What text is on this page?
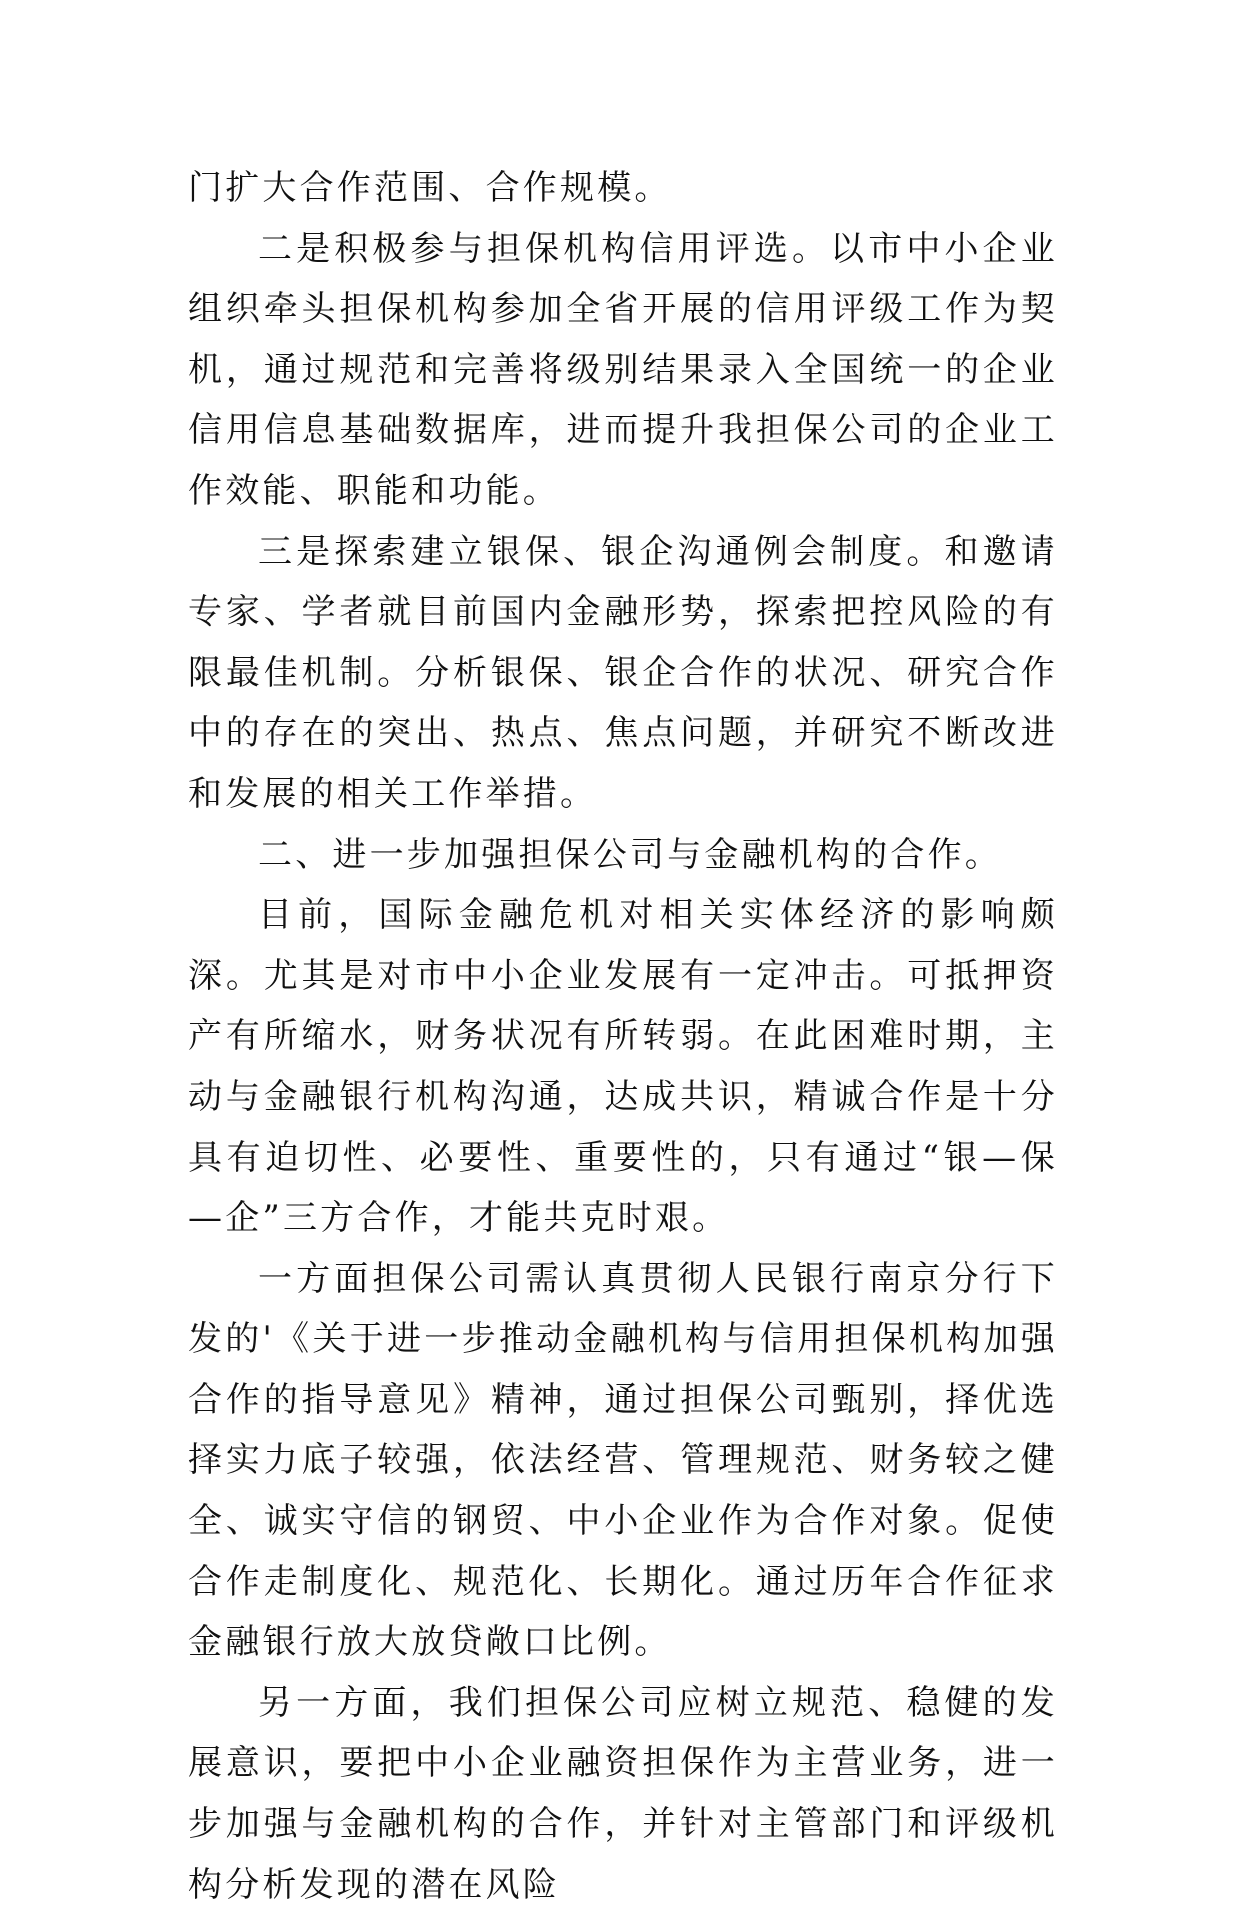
门扩大合作范围、合作规模。

二是积极参与担保机构信用评选。以市中小企业组织牵头担保机构参加全省开展的信用评级工作为契机，通过规范和完善将级别结果录入全国统一的企业信用信息基础数据库，进而提升我担保公司的企业工作效能、职能和功能。

三是探索建立银保、银企沟通例会制度。和邀请专家、学者就目前国内金融形势，探索把控风险的有限最佳机制。分析银保、银企合作的状况、研究合作中的存在的突出、热点、焦点问题，并研究不断改进和发展的相关工作举措。

二、进一步加强担保公司与金融机构的合作。

目前，国际金融危机对相关实体经济的影响颇深。尤其是对市中小企业发展有一定冲击。可抵押资产有所缩水，财务状况有所转弱。在此困难时期，主动与金融银行机构沟通，达成共识，精诚合作是十分具有迫切性、必要性、重要性的，只有通过“银—保—企”三方合作，才能共克时艰。

一方面担保公司需认真贯彻人民银行南京分行下发的'《关于进一步推动金融机构与信用担保机构加强合作的指导意见》精神，通过担保公司甄别，择优选择实力底子较强，依法经营、管理规范、财务较之健全、诚实守信的钢贸、中小企业作为合作对象。促使合作走制度化、规范化、长期化。通过历年合作征求金融银行放大放贷敞口比例。

另一方面，我们担保公司应树立规范、稳健的发展意识，要把中小企业融资担保作为主营业务，进一步加强与金融机构的合作，并针对主管部门和评级机构分析发现的潜在风险
